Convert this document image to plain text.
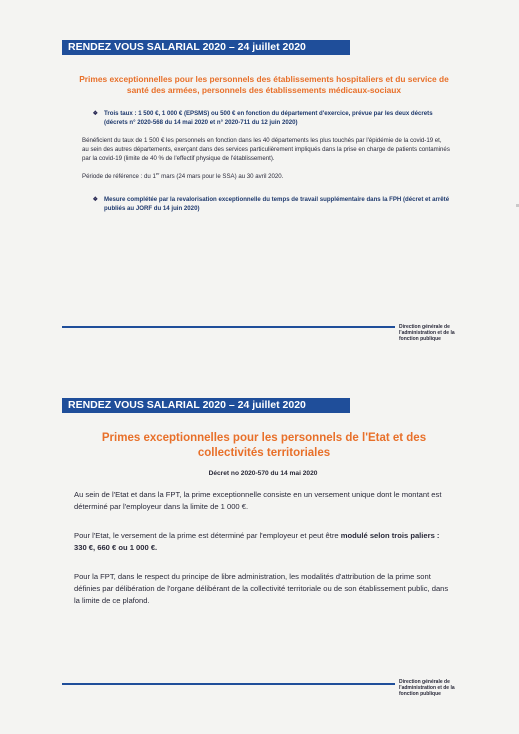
RENDEZ VOUS SALARIAL 2020 – 24 juillet 2020
Primes exceptionnelles pour les personnels des établissements hospitaliers et du service de santé des armées, personnels des établissements médicaux-sociaux
❖ Trois taux : 1 500 €, 1 000 € (EPSMS) ou 500 € en fonction du département d'exercice, prévue par les deux décrets (décrets n° 2020-568 du 14 mai 2020 et n° 2020-711 du 12 juin 2020)
Bénéficient du taux de 1 500 € les personnels en fonction dans les 40 départements les plus touchés par l'épidémie de la covid-19 et, au sein des autres départements, exerçant dans des services particulièrement impliqués dans la prise en charge de patients contaminés par la covid-19 (limite de 40 % de l'effectif physique de l'établissement).
Période de référence : du 1er mars (24 mars pour le SSA) au 30 avril 2020.
❖ Mesure complétée par la revalorisation exceptionnelle du temps de travail supplémentaire dans la FPH (décret et arrêté publiés au JORF du 14 juin 2020)
Direction générale de l'administration et de la fonction publique
RENDEZ VOUS SALARIAL 2020 – 24 juillet 2020
Primes exceptionnelles pour les personnels de l'Etat et des collectivités territoriales
Décret no 2020-570 du 14 mai 2020
Au sein de l'Etat et dans la FPT, la prime exceptionnelle consiste en un versement unique dont le montant est déterminé par l'employeur dans la limite de 1 000 €.
Pour l'Etat, le versement de la prime est déterminé par l'employeur et peut être modulé selon trois paliers : 330 €, 660 € ou 1 000 €.
Pour la FPT, dans le respect du principe de libre administration, les modalités d'attribution de la prime sont définies par délibération de l'organe délibérant de la collectivité territoriale ou de son établissement public, dans la limite de ce plafond.
Direction générale de l'administration et de la fonction publique
